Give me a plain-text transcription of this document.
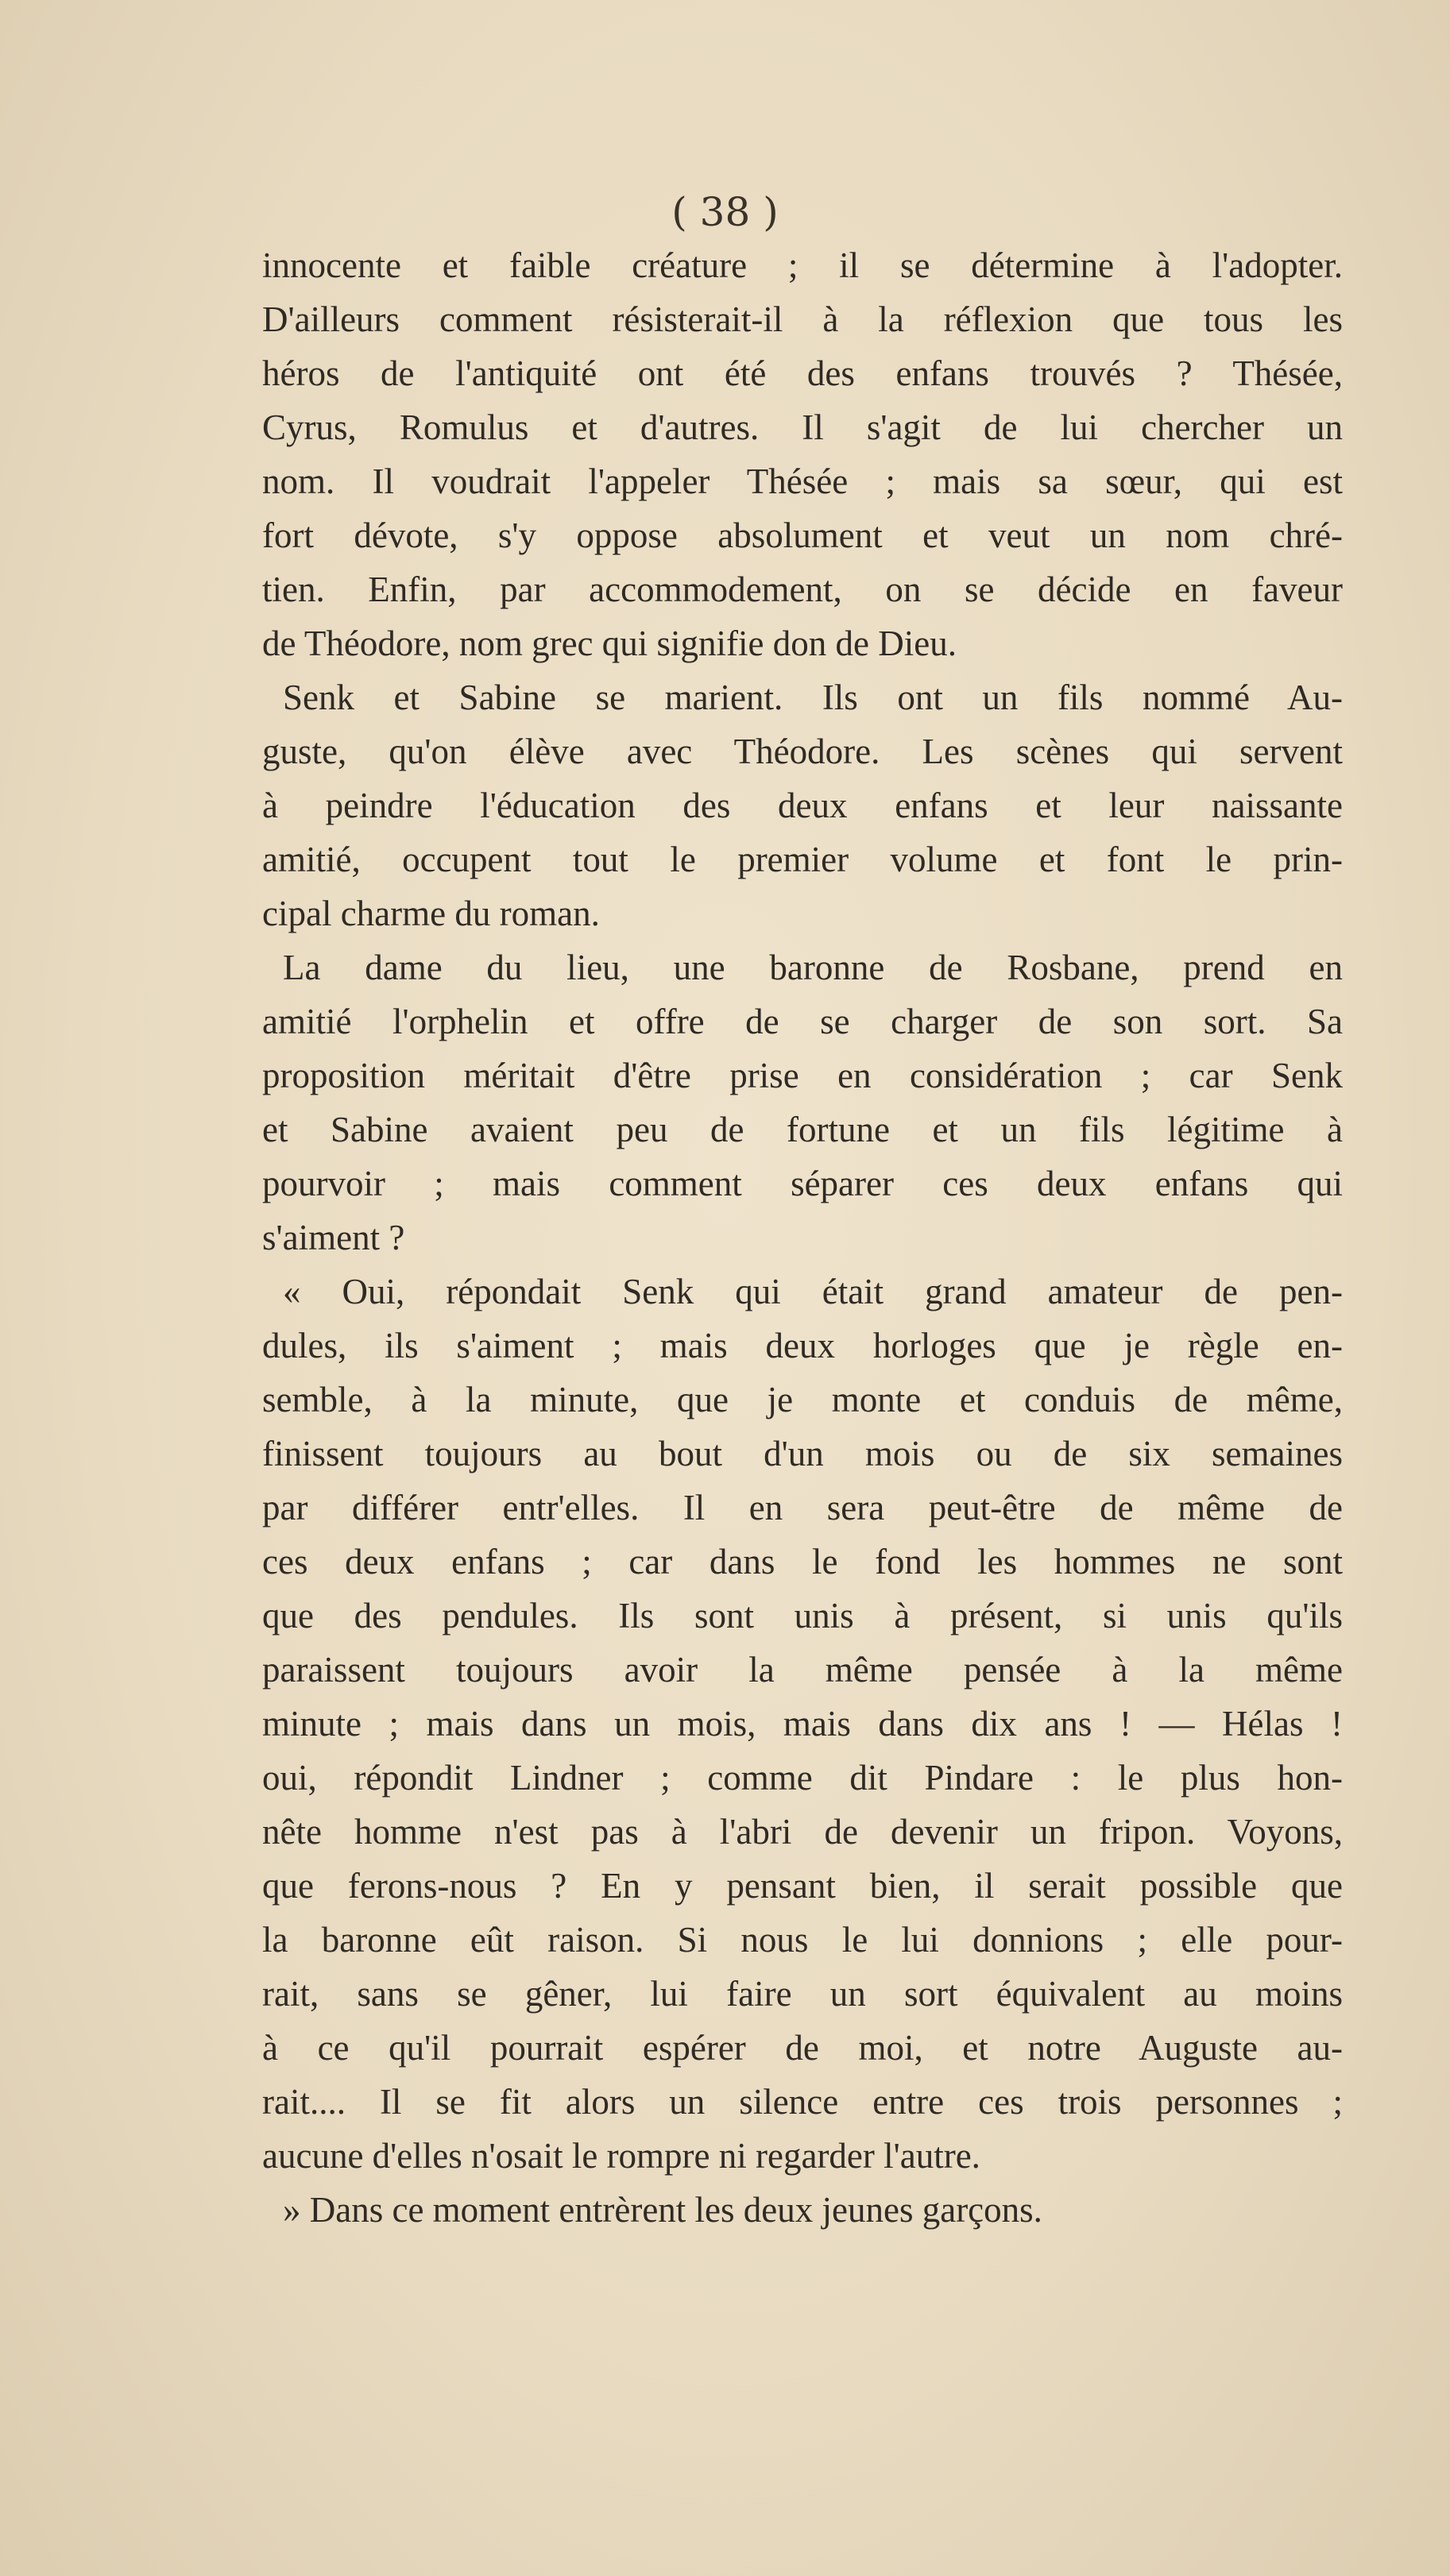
( 38 )
innocente et faible créature ; il se détermine à l'adopter.
D'ailleurs comment résisterait-il à la réflexion que tous les
héros de l'antiquité ont été des enfans trouvés ? Thésée,
Cyrus, Romulus et d'autres. Il s'agit de lui chercher un
nom. Il voudrait l'appeler Thésée ; mais sa sœur, qui est
fort dévote, s'y oppose absolument et veut un nom chré-
tien. Enfin, par accommodement, on se décide en faveur
de Théodore, nom grec qui signifie don de Dieu.
Senk et Sabine se marient. Ils ont un fils nommé Au-
guste, qu'on élève avec Théodore. Les scènes qui servent
à peindre l'éducation des deux enfans et leur naissante
amitié, occupent tout le premier volume et font le prin-
cipal charme du roman.
La dame du lieu, une baronne de Rosbane, prend en
amitié l'orphelin et offre de se charger de son sort. Sa
proposition méritait d'être prise en considération ; car Senk
et Sabine avaient peu de fortune et un fils légitime à
pourvoir ; mais comment séparer ces deux enfans qui
s'aiment ?
« Oui, répondait Senk qui était grand amateur de pen-
dules, ils s'aiment ; mais deux horloges que je règle en-
semble, à la minute, que je monte et conduis de même,
finissent toujours au bout d'un mois ou de six semaines
par différer entr'elles. Il en sera peut-être de même de
ces deux enfans ; car dans le fond les hommes ne sont
que des pendules. Ils sont unis à présent, si unis qu'ils
paraissent toujours avoir la même pensée à la même
minute ; mais dans un mois, mais dans dix ans ! — Hélas !
oui, répondit Lindner ; comme dit Pindare : le plus hon-
nête homme n'est pas à l'abri de devenir un fripon. Voyons,
que ferons-nous ? En y pensant bien, il serait possible que
la baronne eût raison. Si nous le lui donnions ; elle pour-
rait, sans se gêner, lui faire un sort équivalent au moins
à ce qu'il pourrait espérer de moi, et notre Auguste au-
rait.... Il se fit alors un silence entre ces trois personnes ;
aucune d'elles n'osait le rompre ni regarder l'autre.
» Dans ce moment entrèrent les deux jeunes garçons.
